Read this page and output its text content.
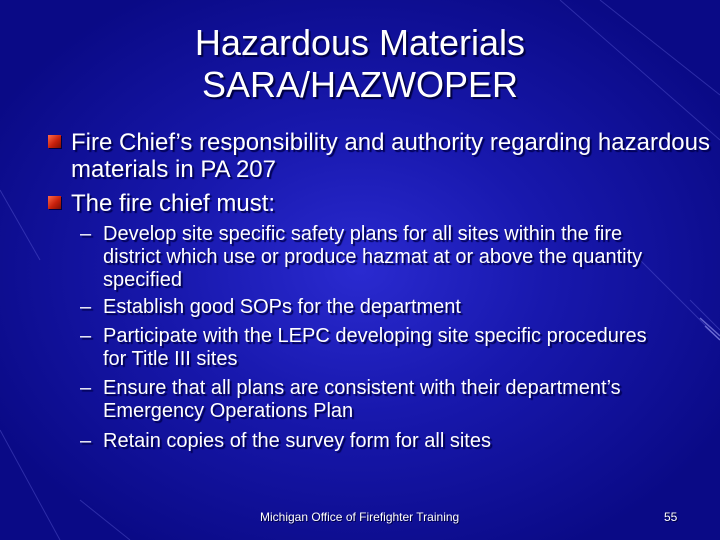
Hazardous Materials
SARA/HAZWOPER
Fire Chief’s responsibility and authority regarding hazardous materials in PA 207
The fire chief must:
– Develop site specific safety plans for all sites within the fire district which use or produce hazmat at or above the quantity specified
– Establish good SOPs for the department
– Participate with the LEPC developing site specific procedures for Title III sites
– Ensure that all plans are consistent with their department’s Emergency Operations Plan
– Retain copies of the survey form for all sites
Michigan Office of Firefighter Training	55
